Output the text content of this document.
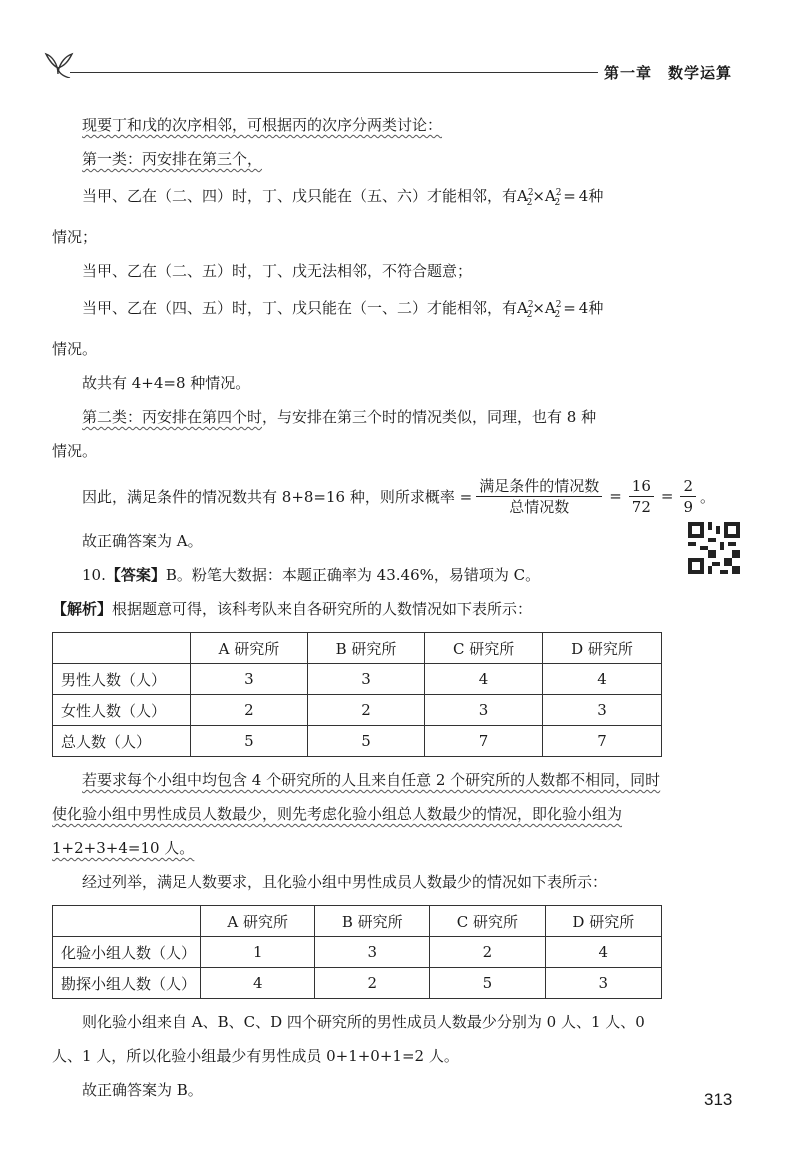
第一章　数学运算

现要丁和戊的次序相邻，可根据丙的次序分两类讨论：

第一类：丙安排在第三个，

当甲、乙在（二、四）时，丁、戊只能在（五、六）才能相邻，有$A^2_2\times A^2_2 = 4$种

情况；

当甲、乙在（二、五）时，丁、戊无法相邻，不符合题意；

当甲、乙在（四、五）时，丁、戊只能在（一、二）才能相邻，有$A^2_2\times A^2_2 = 4$种

情况。

故共有 4+4=8 种情况。

第二类：丙安排在第四个时，与安排在第三个时的情况类似，同理，也有 8 种

情况。

因此，满足条件的情况数共有 8+8=16 种，则所求概率 = $\frac{\text{满足条件的情况数}}{\text{总情况数}} = \frac{16}{72} = \frac{2}{9}$ 。

故正确答案为 A。

10.【答案】B。粉笔大数据：本题正确率为 43.46%，易错项为 C。

【解析】根据题意可得，该科考队来自各研究所的人数情况如下表所示：

	A 研究所	B 研究所	C 研究所	D 研究所
男性人数（人）	3	3	4	4
女性人数（人）	2	2	3	3
总人数（人）	5	5	7	7

若要求每个小组中均包含 4 个研究所的人且来自任意 2 个研究所的人数都不相同，同时使化验小组中男性成员人数最少，则先考虑化验小组总人数最少的情况，即化验小组为 1+2+3+4=10 人。

经过列举，满足人数要求，且化验小组中男性成员人数最少的情况如下表所示：

	A 研究所	B 研究所	C 研究所	D 研究所
化验小组人数（人）	1	3	2	4
勘探小组人数（人）	4	2	5	3

则化验小组来自 A、B、C、D 四个研究所的男性成员人数最少分别为 0 人、1 人、0 人、1 人，所以化验小组最少有男性成员 0+1+0+1=2 人。

故正确答案为 B。	313
